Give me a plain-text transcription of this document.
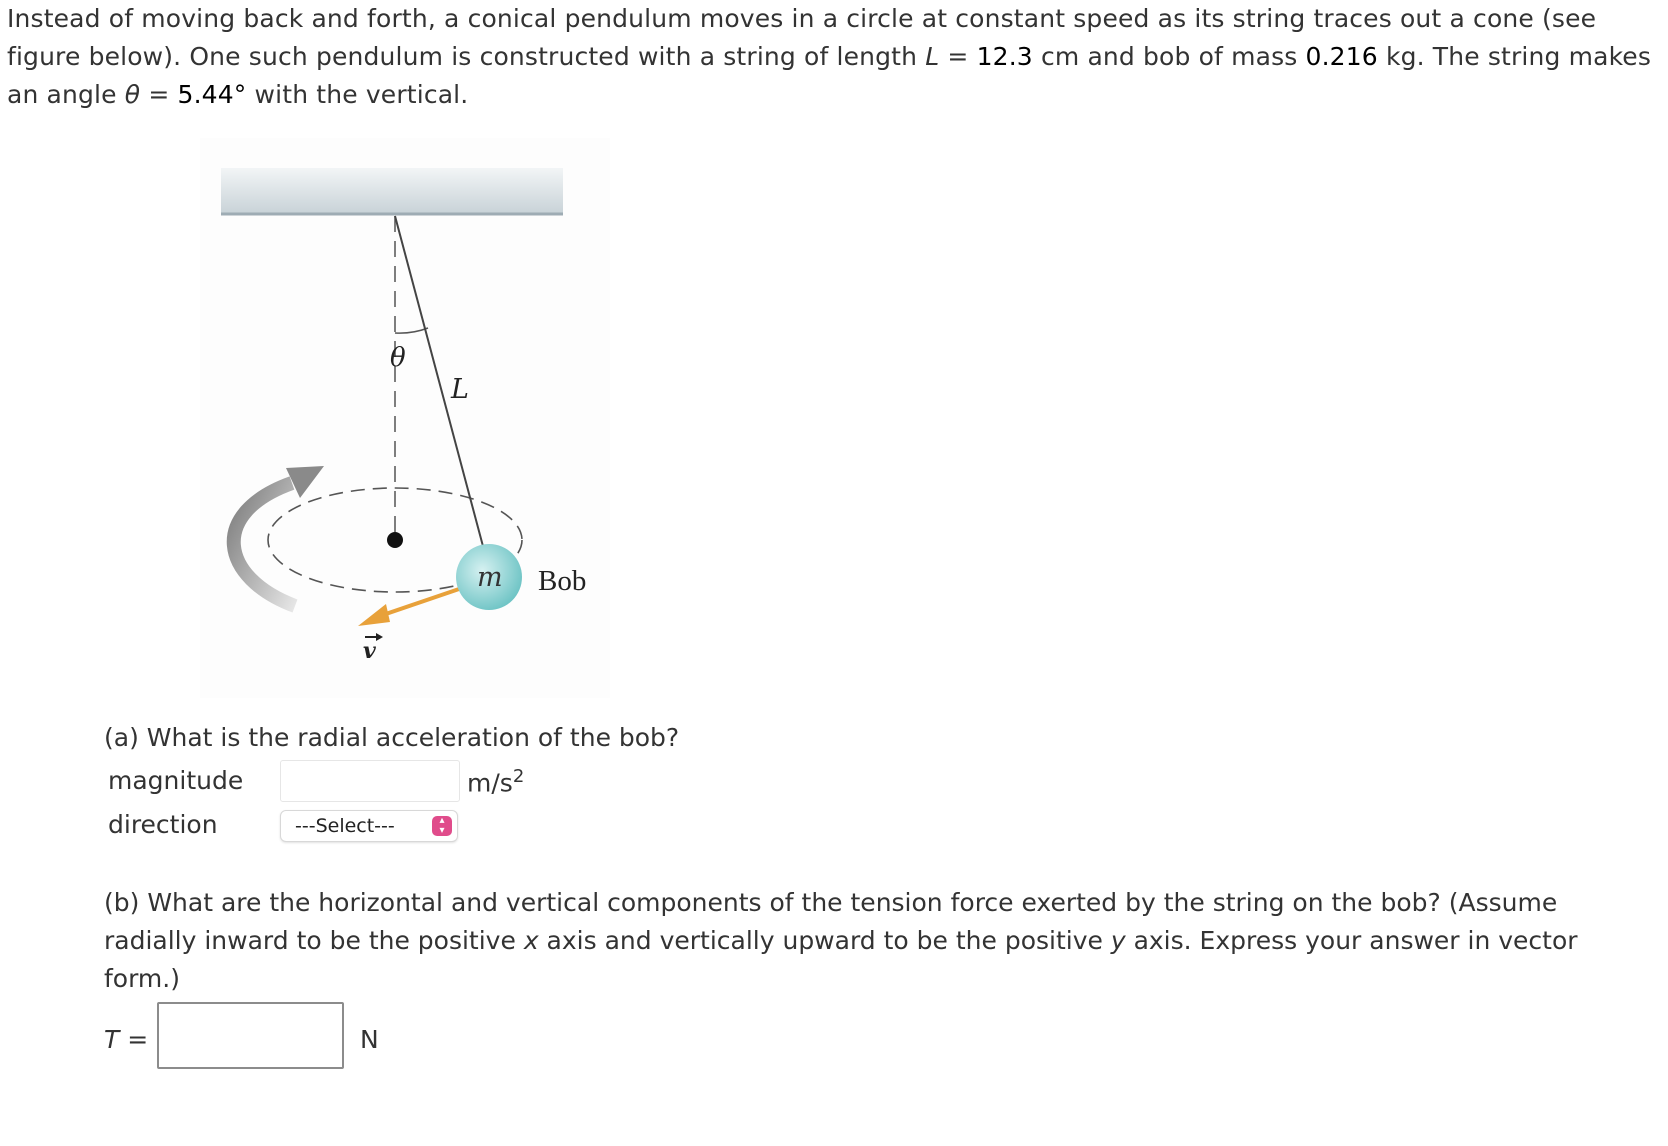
Instead of moving back and forth, a conical pendulum moves in a circle at constant speed as its string traces out a cone (see figure below). One such pendulum is constructed with a string of length L = 12.3 cm and bob of mass 0.216 kg. The string makes an angle θ = 5.44° with the vertical.
θ
L
m Bob
v
(a) What is the radial acceleration of the bob?
magnitude	$m/s^2$
direction	---Select---	▴
▾
(b) What are the horizontal and vertical components of the tension force exerted by the string on the bob? (Assume radially inward to be the positive x axis and vertically upward to be the positive y axis. Express your answer in vector form.)
T =	N
